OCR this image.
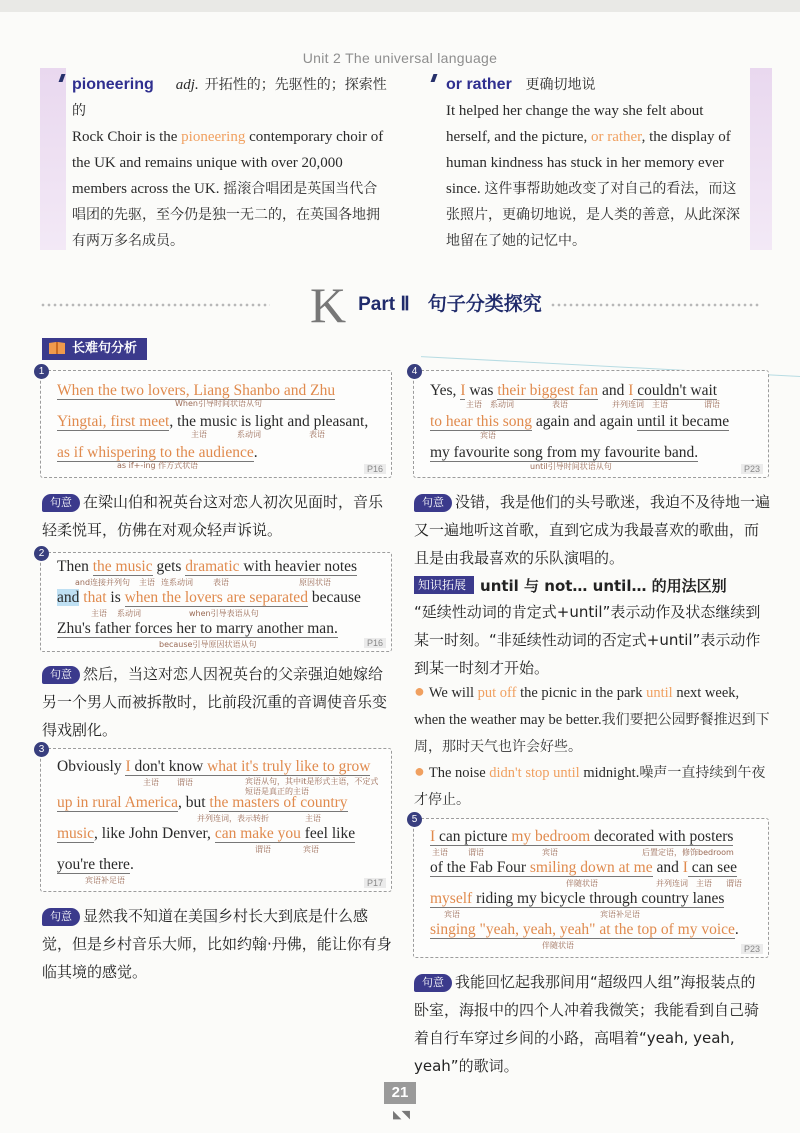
Unit 2 The universal language
pioneering adj. 开拓性的；先驱性的；探索性的
Rock Choir is the pioneering contemporary choir of the UK and remains unique with over 20,000 members across the UK. 摇滚合唱团是英国当代合唱团的先驱，至今仍是独一无二的，在英国各地拥有两万多名成员。
or rather 更确切地说
It helped her change the way she felt about herself, and the picture, or rather, the display of human kindness has stuck in her memory ever since. 这件事帮助她改变了对自己的看法，而这张照片，更确切地说，是人类的善意，从此深深地留在了她的记忆中。
K Part Ⅱ 句子分类探究
长难句分析
1

When the two lovers, Liang Shanbo and Zhu

Yingtai, first meet, the music is light and pleasant,

as if whispering to the audience.

When引导时间状语从句
主语	系动词	表语
as if+-ing 作方式状语	P16
句意 在梁山伯和祝英台这对恋人初次见面时，音乐轻柔悦耳，仿佛在对观众轻声诉说。
2

Then the music gets dramatic with heavier notes

and that is when the lovers are separated because

Zhu's father forces her to marry another man.

and连接并列句 主语 连系动词	表语	原因状语
主语 系动词	when引导表语从句
because引导原因状语从句	P16
句意 然后，当这对恋人因祝英台的父亲强迫她嫁给另一个男人而被拆散时，比前段沉重的音调使音乐变得戏剧化。
3

Obviously I don't know what it's truly like to grow

up in rural America, but the masters of country

music, like John Denver, can make you feel like

you're there.

主语 谓语	宾语从句，其中it是形式主语，不定式短语是真正的主语
并列连词，表示转折	主语
谓语	宾语
宾语补足语	P17
句意 显然我不知道在美国乡村长大到底是什么感觉，但是乡村音乐大师，比如约翰·丹佛，能让你有身临其境的感觉。
4

Yes, I was their biggest fan and I couldn't wait

to hear this song again and again until it became

my favourite song from my favourite band.

主语 系动词	表语	并列连词 主语	谓语
宾语
until引导时间状语从句	P23
句意 没错，我是他们的头号歌迷，我迫不及待地一遍又一遍地听这首歌，直到它成为我最喜欢的歌曲，而且是由我最喜欢的乐队演唱的。
知识拓展 until 与 not… until… 的用法区别
“延续性动词的肯定式+until”表示动作及状态继续到某一时刻。“非延续性动词的否定式+until”表示动作到某一时刻才开始。
● We will put off the picnic in the park until next week, when the weather may be better.我们要把公园野餐推迟到下周，那时天气也许会好些。
● The noise didn't stop until midnight.噪声一直持续到午夜才停止。
5

I can picture my bedroom decorated with posters

of the Fab Four smiling down at me and I can see

myself riding my bicycle through country lanes

singing "yeah, yeah, yeah" at the top of my voice.

主语	谓语	宾语	后置定语，修饰bedroom
伴随状语	并列连词 主语 谓语
宾语	宾语补足语
伴随状语	P23
句意 我能回忆起我那间用“超级四人组”海报装点的卧室，海报中的四个人冲着我微笑；我能看到自己骑着自行车穿过乡间的小路，高唱着“yeah, yeah, yeah”的歌词。
21
◣◥
